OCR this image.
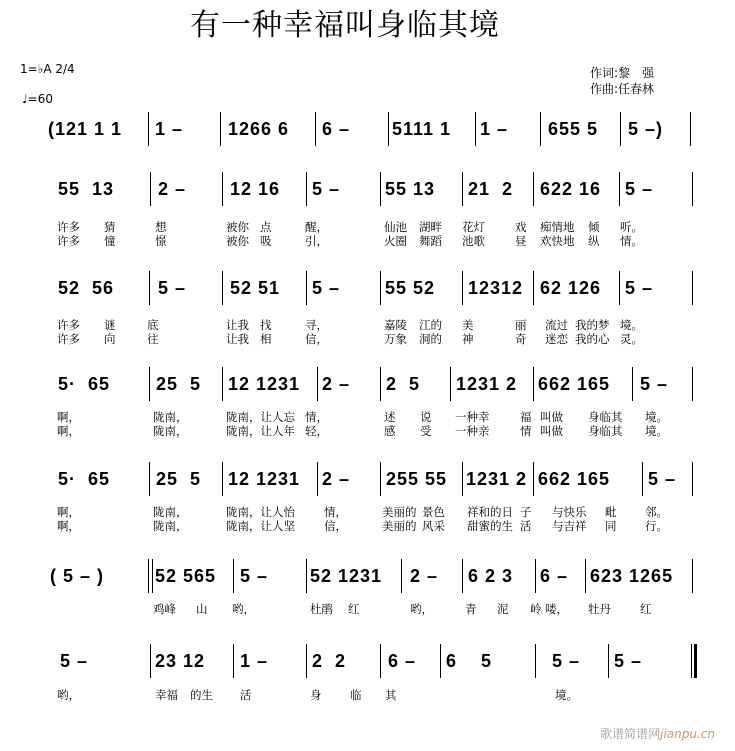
有一种幸福叫身临其境
1=♭A 2/4
♩=60
作词:黎　强
作曲:任春林
(121 1 1 1 – 1266 6 6 – 5111 1 1 – 655 5 5 –)
55  13 2 – 12 16 5 – 55 13 21  2 622 16 5 –
许多 猜	想	被你 点	醒，	仙池 湖畔 花灯	戏 痴情地 倾 听。
许多 憧	憬	被你 吸	引，	火圈 舞蹈 池歌	昼 欢快地 纵 情。
52  56 5 – 52 51 5 – 55 52 12312 62 126 5 –
许多 谜	底	让我 找	寻，	嘉陵 江的 美	丽 流过 我的梦 境。
许多 向	往	让我 相	信，	万象 洞的 神	奇 迷恋 我的心 灵。
5·  65	25  5 12 1231 2 – 2  5 1231 2 662 165 5 –
啊，	陇南，	陇南，让人忘 情，	述 说 一种幸	福 叫做 身临其 境。
啊，	陇南，	陇南，让人年 轻，	感 受 一种亲	情 叫做 身临其 境。
5·  65	25  5 12 1231 2 – 255 55 1231 2 662 165 5 –
啊，	陇南，	陇南，让人怡	情，	美丽的 景色 祥和的日 子 与快乐 毗 邻。
啊，	陇南，	陇南，让人坚	信，	美丽的 风采 甜蜜的生 活 与吉祥 同 行。
( 5 – )	52 565 5 – 52 1231 2 – 6 2 3 6 – 623 1265
鸡峰 山 哟，	杜鹃 红	哟，	青 泥 岭 喽， 牡丹	红
5 –	23 12 1 – 2  2 6 – 6    5	5 – 5 –
哟，	幸福 的生 活	身 临 其	境。
歌谱简谱网jianpu.cn
